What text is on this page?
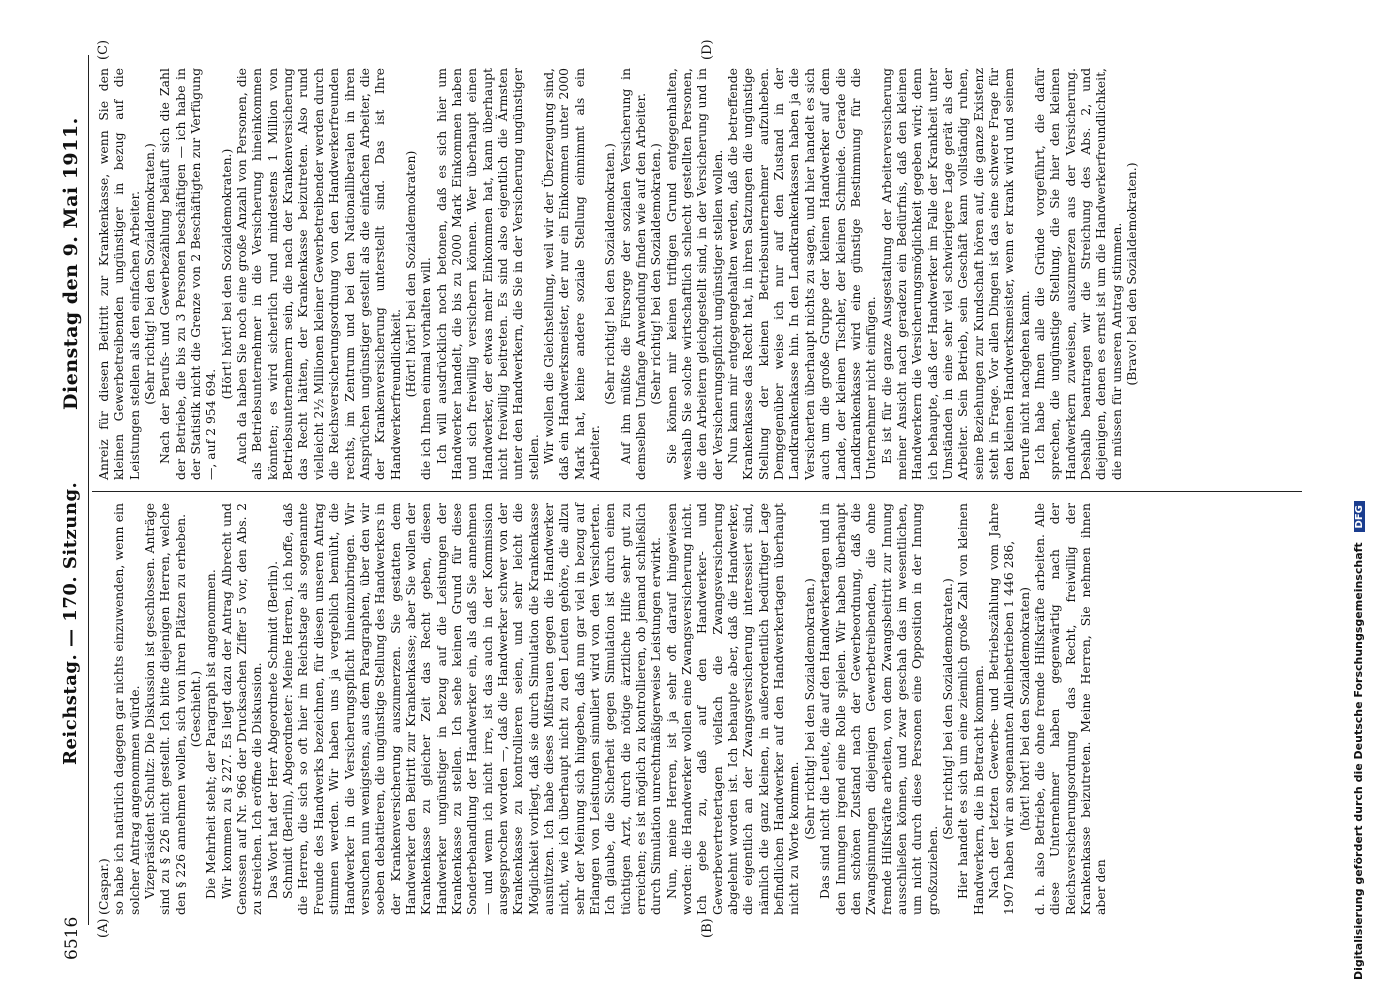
6516
Reichstag. — 170. Sitzung.
Dienstag den 9. Mai 1911.
(A)	(B)
(C)	(D)

(Caspar.) so habe ich natürlich dagegen gar nichts einzuwenden, wenn ein solcher Antrag angenommen würde. Vizepräsident Schultz: Die Diskussion ist geschlossen. Anträge sind zu § 226 nicht gestellt. Ich bitte diejenigen Herren, welche den § 226 annehmen wollen, sich von ihren Plätzen zu erheben. (Geschieht.) Die Mehrheit steht; der Paragraph ist angenommen. Wir kommen zu § 227. Es liegt dazu der Antrag Albrecht und Genossen auf Nr. 966 der Drucksachen Ziffer 5 vor, den Abs. 2 zu streichen. Ich eröffne die Diskussion. Das Wort hat der Herr Abgeordnete Schmidt (Berlin). Schmidt (Berlin), Abgeordneter: Meine Herren, ich hoffe, daß die Herren, die sich so oft hier im Reichstage als sogenannte Freunde des Handwerks bezeichnen, für diesen unseren Antrag stimmen werden. Wir haben uns ja vergeblich bemüht, die Handwerker in die Versicherungspflicht hineinzubringen. Wir versuchen nun wenigstens, aus dem Paragraphen, über den wir soeben debattieren, die ungünstige Stellung des Handwerkers in der Krankenversicherung auszumerzen. Sie gestatten dem Handwerker den Beitritt zur Krankenkasse; aber Sie wollen der Krankenkasse zu gleicher Zeit das Recht geben, diesen Handwerker ungünstiger in bezug auf die Leistungen der Krankenkasse zu stellen. Ich sehe keinen Grund für diese Sonderbehandlung der Handwerker ein, als daß Sie annehmen — und wenn ich nicht irre, ist das auch in der Kommission ausgesprochen worden —, daß die Handwerker schwer von der Krankenkasse zu kontrollieren seien, und sehr leicht die Möglichkeit vorliegt, daß sie durch Simulation die Krankenkasse ausnützen. Ich habe dieses Mißtrauen gegen die Handwerker nicht, wie ich überhaupt nicht zu den Leuten gehöre, die allzu sehr der Meinung sich hingeben, daß nun gar viel in bezug auf Erlangen von Leistungen simuliert wird von den Versicherten. Ich glaube, die Sicherheit gegen Simulation ist durch einen tüchtigen Arzt, durch die nötige ärztliche Hilfe sehr gut zu erreichen; es ist möglich zu kontrollieren, ob jemand schließlich durch Simulation unrechtmäßigerweise Leistungen erwirkt. Nun, meine Herren, ist ja sehr oft darauf hingewiesen worden: die Handwerker wollen eine Zwangsversicherung nicht. Ich gebe zu, daß auf den Handwerker- und Gewerbevertretertagen vielfach die Zwangsversicherung abgelehnt worden ist. Ich behaupte aber, daß die Handwerker, die eigentlich an der Zwangsversicherung interessiert sind, nämlich die ganz kleinen, in außerordentlich bedürftiger Lage befindlichen Handwerker auf den Handwerkertagen überhaupt nicht zu Worte kommen. (Sehr richtig! bei den Sozialdemokraten.) Das sind nicht die Leute, die auf den Handwerkertagen und in den Innungen irgend eine Rolle spielen. Wir haben überhaupt den schönen Zustand nach der Gewerbeordnung, daß die Zwangsinnungen diejenigen Gewerbetreibenden, die ohne fremde Hilfskräfte arbeiten, von dem Zwangsbeitritt zur Innung ausschließen können, und zwar geschah das im wesentlichen, um nicht durch diese Personen eine Opposition in der Innung großzuziehen.

(Sehr richtig! bei den Sozialdemokraten.) Hier handelt es sich um eine ziemlich große Zahl von kleinen Handwerkern, die in Betracht kommen. Nach der letzten Gewerbe- und Betriebszählung vom Jahre 1907 haben wir an sogenannten Alleinbetrieben 1 446 286, (hört! hört! bei den Sozialdemokraten) d. h. also Betriebe, die ohne fremde Hilfskräfte arbeiten. Alle diese Unternehmer haben gegenwärtig nach der Reichsversicherungsordnung das Recht, freiwillig der Krankenkasse beizutreten. Meine Herren, Sie nehmen ihnen aber den

Anreiz für diesen Beitritt zur Krankenkasse, wenn Sie den kleinen Gewerbetreibenden ungünstiger in bezug auf die Leistungen stellen als den einfachen Arbeiter. (Sehr richtig! bei den Sozialdemokraten.) Nach der Berufs- und Gewerbezählung beläuft sich die Zahl der Betriebe, die bis zu 3 Personen beschäftigen — ich habe in der Statistik nicht die Grenze von 2 Beschäftigten zur Verfügung —, auf 2 954 694.

(Hört! hört! bei den Sozialdemokraten.) Auch da haben Sie noch eine große Anzahl von Personen, die als Betriebsunternehmer in die Versicherung hineinkommen könnten; es wird sicherlich rund mindestens 1 Million von Betriebsunternehmern sein, die nach der Krankenversicherung das Recht hätten, der Krankenkasse beizutreten. Also rund vielleicht 2½ Millionen kleiner Gewerbetreibender werden durch die Reichsversicherungsordnung von den Handwerkerfreunden rechts, im Zentrum und bei den Nationalliberalen in ihren Ansprüchen ungünstiger gestellt als die einfachen Arbeiter, die der Krankenversicherung unterstellt sind. Das ist Ihre Handwerkerfreundlichkeit. (Hört! hört! bei den Sozialdemokraten) die ich Ihnen einmal vorhalten will. Ich will ausdrücklich noch betonen, daß es sich hier um Handwerker handelt, die bis zu 2000 Mark Einkommen haben und sich freiwillig versichern können. Wer überhaupt einen Handwerker, der etwas mehr Einkommen hat, kann überhaupt nicht freiwillig beitreten. Es sind also eigentlich die Ärmsten unter den Handwerkern, die Sie in der Versicherung ungünstiger stellen. Wir wollen die Gleichstellung, weil wir der Überzeugung sind, daß ein Handwerksmeister, der nur ein Einkommen unter 2000 Mark hat, keine andere soziale Stellung einnimmt als ein Arbeiter.

(Sehr richtig! bei den Sozialdemokraten.) Auf ihn müßte die Fürsorge der sozialen Versicherung in demselben Umfange Anwendung finden wie auf den Arbeiter. (Sehr richtig! bei den Sozialdemokraten.) Sie können mir keinen triftigen Grund entgegenhalten, weshalb Sie solche wirtschaftlich schlecht gestellten Personen, die den Arbeitern gleichgestellt sind, in der Versicherung und in der Versicherungspflicht ungünstiger stellen wollen. Nun kann mir entgegengehalten werden, daß die betreffende Krankenkasse das Recht hat, in ihren Satzungen die ungünstige Stellung der kleinen Betriebsunternehmer aufzuheben. Demgegenüber weise ich nur auf den Zustand in der Landkrankenkasse hin. In den Landkrankenkassen haben ja die Versicherten überhaupt nichts zu sagen, und hier handelt es sich auch um die große Gruppe der kleinen Handwerker auf dem Lande, der kleinen Tischler, der kleinen Schmiede. Gerade die Landkrankenkasse wird eine günstige Bestimmung für die Unternehmer nicht einfügen. Es ist für die ganze Ausgestaltung der Arbeiterversicherung meiner Ansicht nach geradezu ein Bedürfnis, daß den kleinen Handwerkern die Versicherungsmöglichkeit gegeben wird; denn ich behaupte, daß der Handwerker im Falle der Krankheit unter Umständen in eine sehr viel schwierigere Lage gerät als der Arbeiter. Sein Betrieb, sein Geschäft kann vollständig ruhen, seine Beziehungen zur Kundschaft hören auf, die ganze Existenz steht in Frage. Vor allen Dingen ist das eine schwere Frage für den kleinen Handwerksmeister, wenn er krank wird und seinem Berufe nicht nachgehen kann. Ich habe Ihnen alle die Gründe vorgeführt, die dafür sprechen, die ungünstige Stellung, die Sie hier den kleinen Handwerkern zuweisen, auszumerzen aus der Versicherung. Deshalb beantragen wir die Streichung des Abs. 2, und diejenigen, denen es ernst ist um die Handwerkerfreundlichkeit, die müssen für unseren Antrag stimmen. (Bravo! bei den Sozialdemokraten.)

Digitalisierung gefördert durch die Deutsche Forschungsgemeinschaft DFG
